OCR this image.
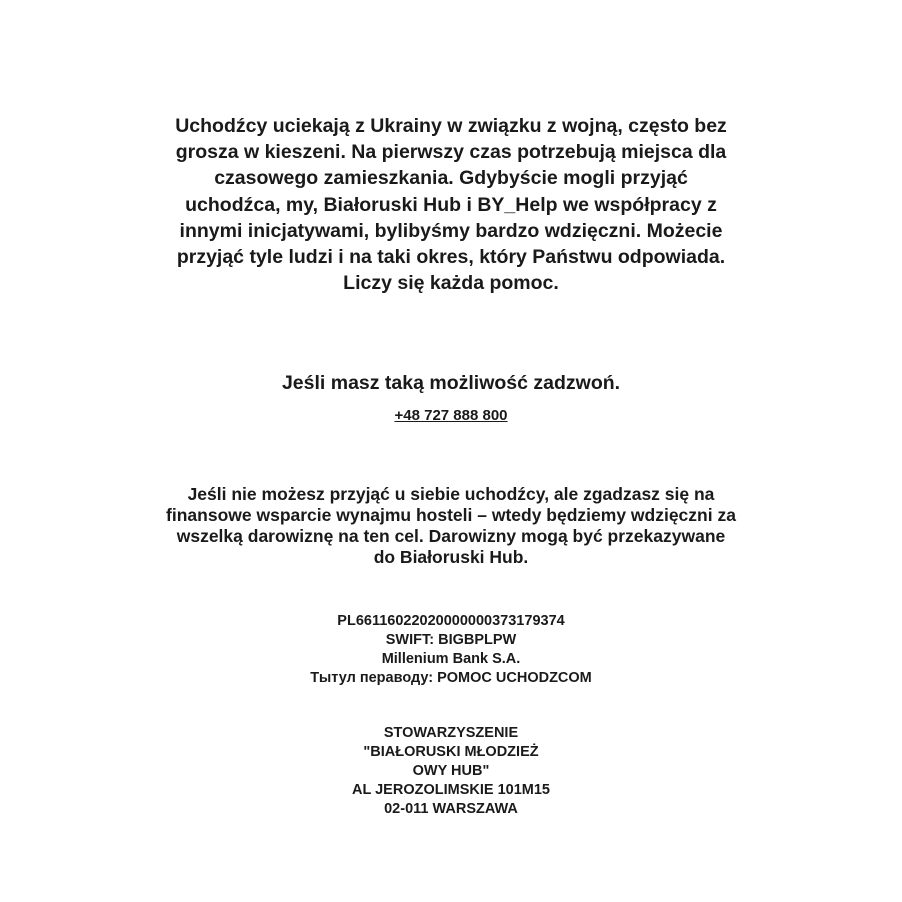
Uchodźcy uciekają z Ukrainy w związku z wojną, często bez grosza w kieszeni. Na pierwszy czas potrzebują miejsca dla czasowego zamieszkania. Gdybyście mogli przyjąć uchodźca, my, Białoruski Hub i BY_Help we współpracy z innymi inicjatywami, bylibyśmy bardzo wdzięczni. Możecie przyjąć tyle ludzi i na taki okres, który Państwu odpowiada. Liczy się każda pomoc.
Jeśli masz taką możliwość zadzwoń.
+48 727 888 800
Jeśli nie możesz przyjąć u siebie uchodźcy, ale zgadzasz się na finansowe wsparcie wynajmu hosteli – wtedy będziemy wdzięczni za wszelką darowiznę na ten cel. Darowizny mogą być przekazywane do Białoruski Hub.
PL66116022020000000373179374
SWIFT: BIGBPLPW
Millenium Bank S.A.
Тытул пераводу: POMOC UCHODZCOM
STOWARZYSZENIE
"BIAŁORUSKI MŁODZIEŻ
OWY HUB"
AL JEROZOLIMSKIE 101M15
02-011 WARSZAWA
